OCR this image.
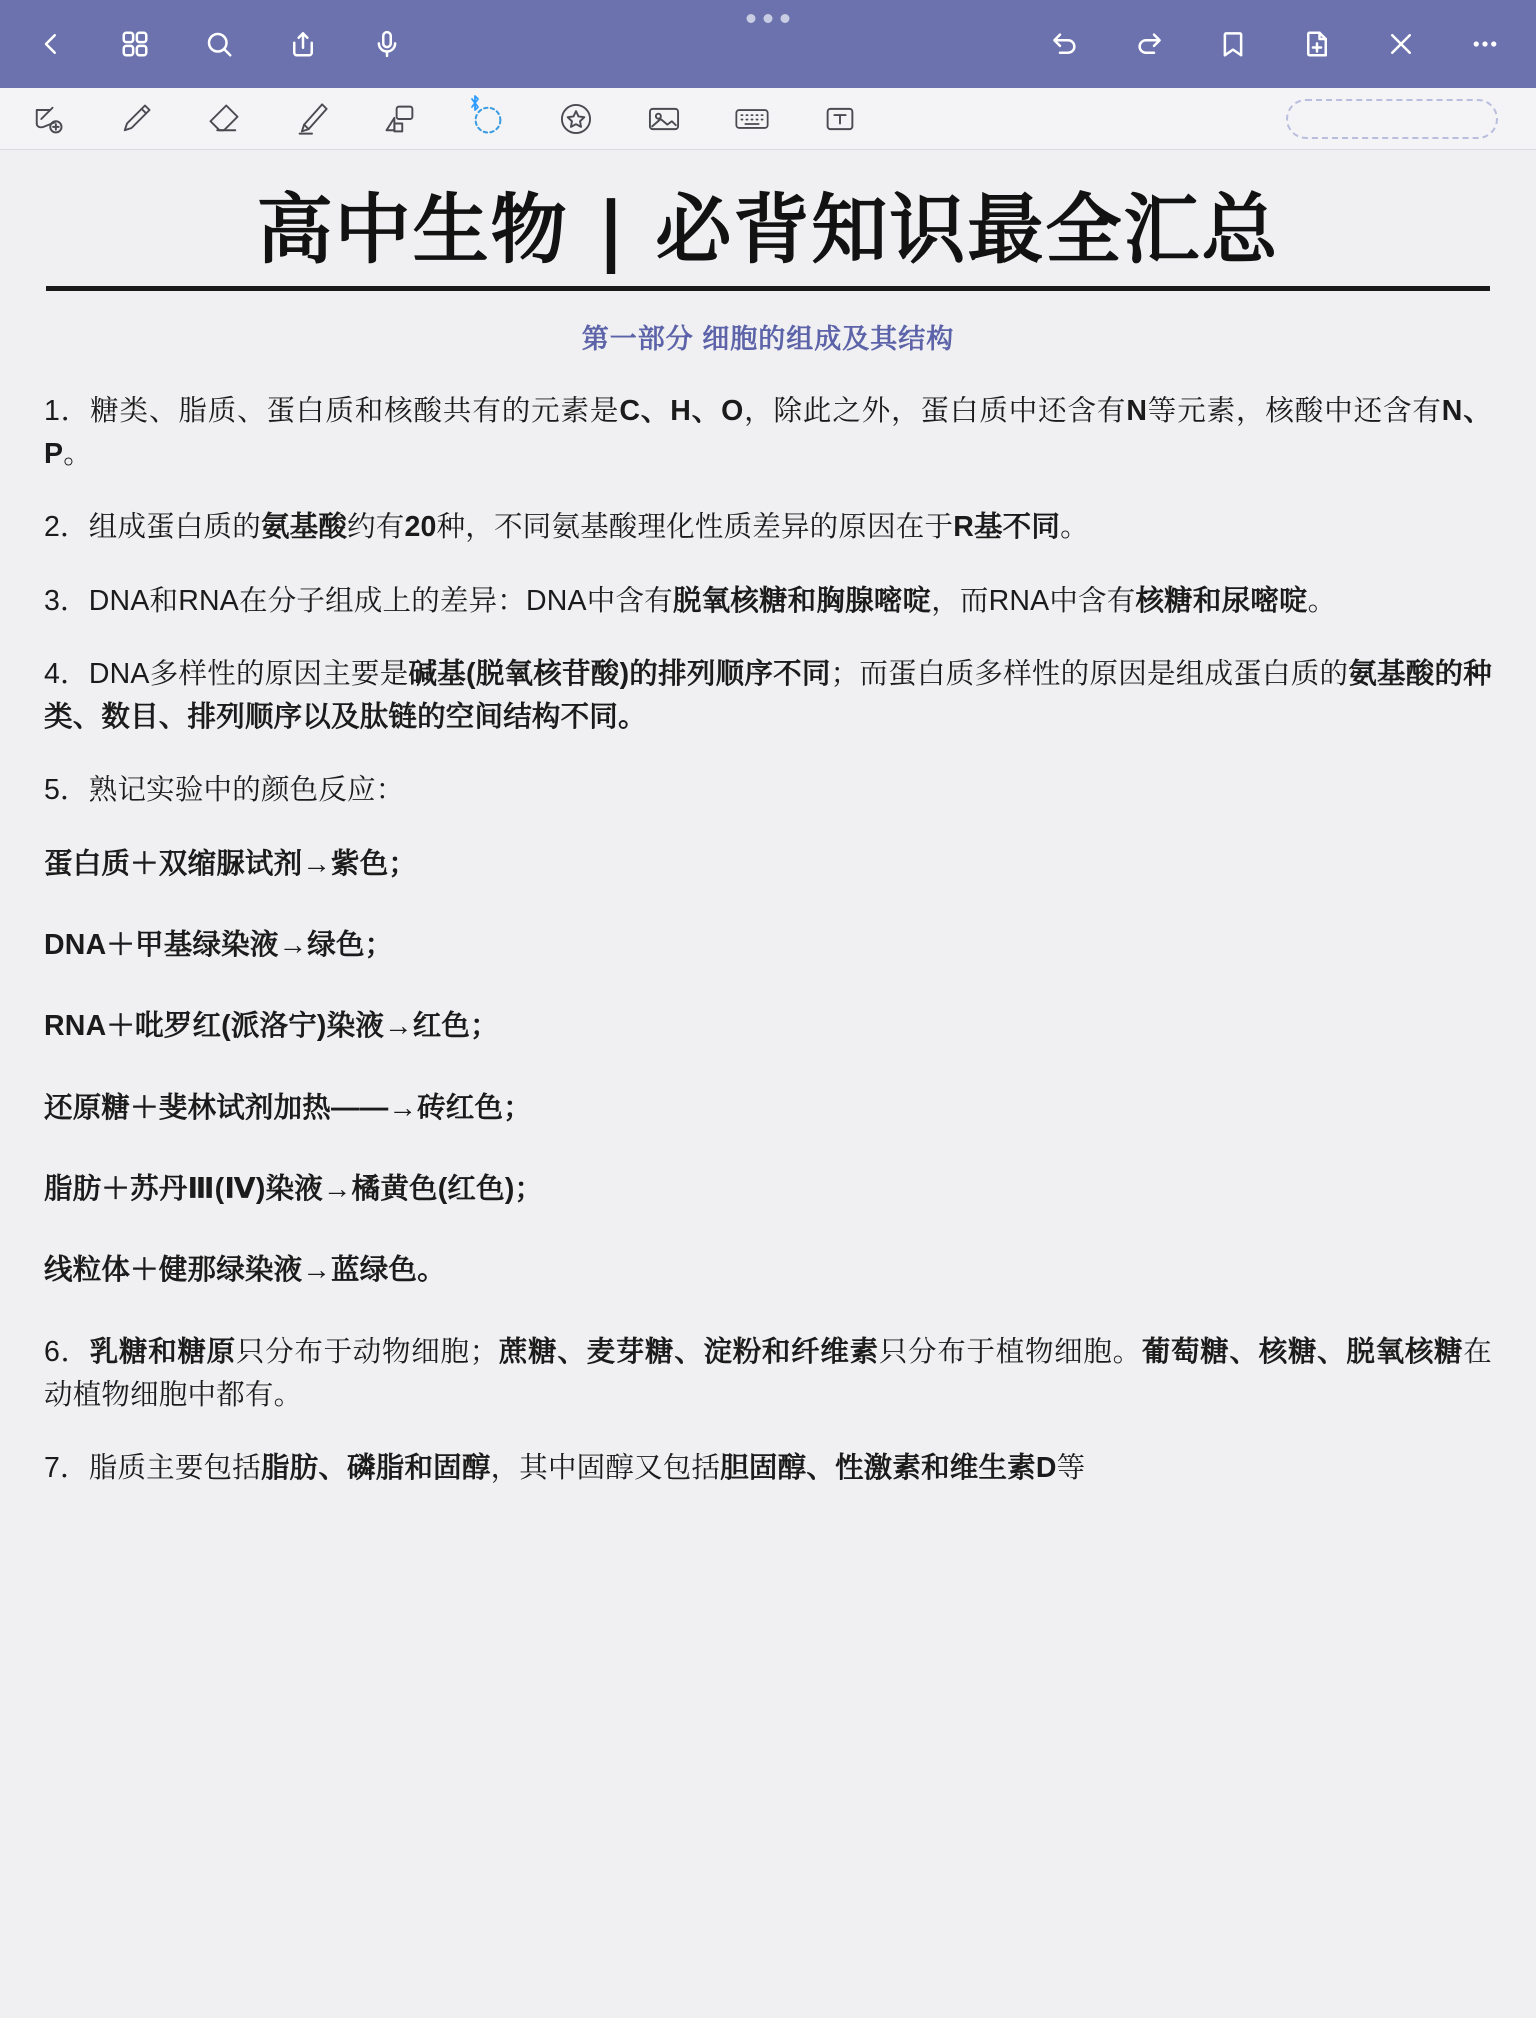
高中生物 | 必背知识最全汇总
第一部分 细胞的组成及其结构

1．糖类、脂质、蛋白质和核酸共有的元素是C、H、O，除此之外，蛋白质中还含有N等元素，核酸中还含有N、P。

2．组成蛋白质的氨基酸约有20种，不同氨基酸理化性质差异的原因在于R基不同。

3．DNA和RNA在分子组成上的差异：DNA中含有脱氧核糖和胸腺嘧啶，而RNA中含有核糖和尿嘧啶。

4．DNA多样性的原因主要是碱基(脱氧核苷酸)的排列顺序不同；而蛋白质多样性的原因是组成蛋白质的氨基酸的种类、数目、排列顺序以及肽链的空间结构不同。

5．熟记实验中的颜色反应：

蛋白质＋双缩脲试剂→紫色；

DNA＋甲基绿染液→绿色；

RNA＋吡罗红(派洛宁)染液→红色；

还原糖＋斐林试剂加热——→砖红色；

脂肪＋苏丹Ⅲ(Ⅳ)染液→橘黄色(红色)；

线粒体＋健那绿染液→蓝绿色。

6．乳糖和糖原只分布于动物细胞；蔗糖、麦芽糖、淀粉和纤维素只分布于植物细胞。葡萄糖、核糖、脱氧核糖在动植物细胞中都有。

7．脂质主要包括脂肪、磷脂和固醇，其中固醇又包括胆固醇、性激素和维生素D等
